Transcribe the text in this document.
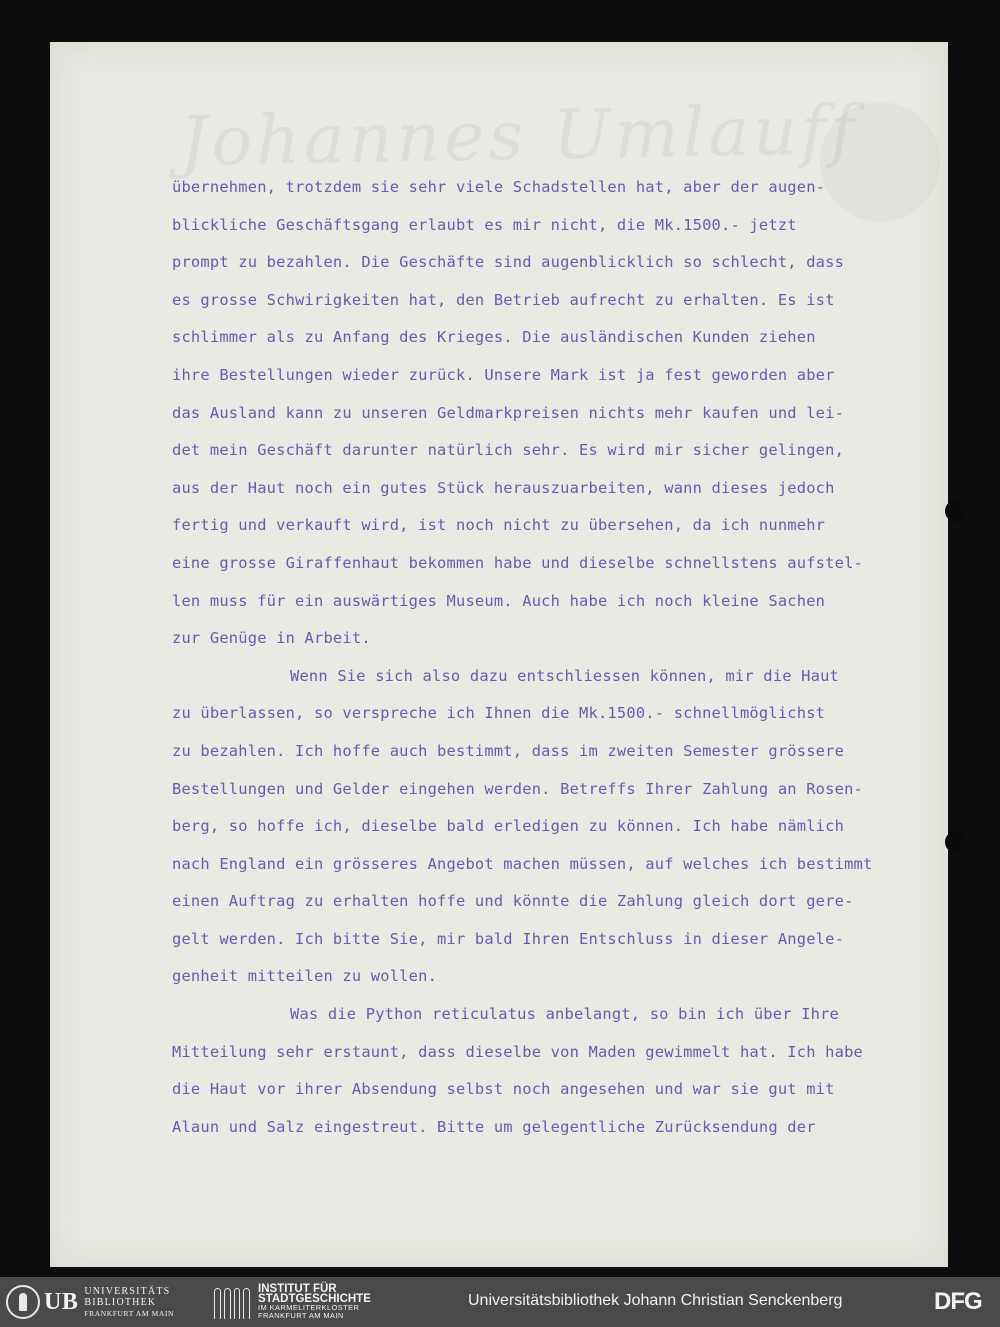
Johannes Umlauff
übernehmen, trotzdem sie sehr viele Schadstellen hat, aber der augen-
blickliche Geschäftsgang erlaubt es mir nicht, die Mk.1500.- jetzt
prompt zu bezahlen. Die Geschäfte sind augenblicklich so schlecht, dass
es grosse Schwirigkeiten hat, den Betrieb aufrecht zu erhalten. Es ist
schlimmer als zu Anfang des Krieges. Die ausländischen Kunden ziehen
ihre Bestellungen wieder zurück. Unsere Mark ist ja fest geworden aber
das Ausland kann zu unseren Geldmarkpreisen nichts mehr kaufen und lei-
det mein Geschäft darunter natürlich sehr. Es wird mir sicher gelingen,
aus der Haut noch ein gutes Stück herauszuarbeiten, wann dieses jedoch
fertig und verkauft wird, ist noch nicht zu übersehen, da ich nunmehr
eine grosse Giraffenhaut bekommen habe und dieselbe schnellstens aufstel-
len muss für ein auswärtiges Museum. Auch habe ich noch kleine Sachen
zur Genüge in Arbeit.
Wenn Sie sich also dazu entschliessen können, mir die Haut
zu überlassen, so verspreche ich Ihnen die Mk.1500.- schnellmöglichst
zu bezahlen. Ich hoffe auch bestimmt, dass im zweiten Semester grössere
Bestellungen und Gelder eingehen werden. Betreffs Ihrer Zahlung an Rosen-
berg, so hoffe ich, dieselbe bald erledigen zu können. Ich habe nämlich
nach England ein grösseres Angebot machen müssen, auf welches ich bestimmt
einen Auftrag zu erhalten hoffe und könnte die Zahlung gleich dort gere-
gelt werden. Ich bitte Sie, mir bald Ihren Entschluss in dieser Angele-
genheit mitteilen zu wollen.
Was die Python reticulatus anbelangt, so bin ich über Ihre
Mitteilung sehr erstaunt, dass dieselbe von Maden gewimmelt hat. Ich habe
die Haut vor ihrer Absendung selbst noch angesehen und war sie gut mit
Alaun und Salz eingestreut. Bitte um gelegentliche Zurücksendung der
UB UNIVERSITÄTS
BIBLIOTHEK
FRANKFURT AM MAIN
INSTITUT FÜR
STADTGESCHICHTE
IM KARMELITERKLOSTER
FRANKFURT AM MAIN
Universitätsbibliothek Johann Christian Senckenberg	DFG
